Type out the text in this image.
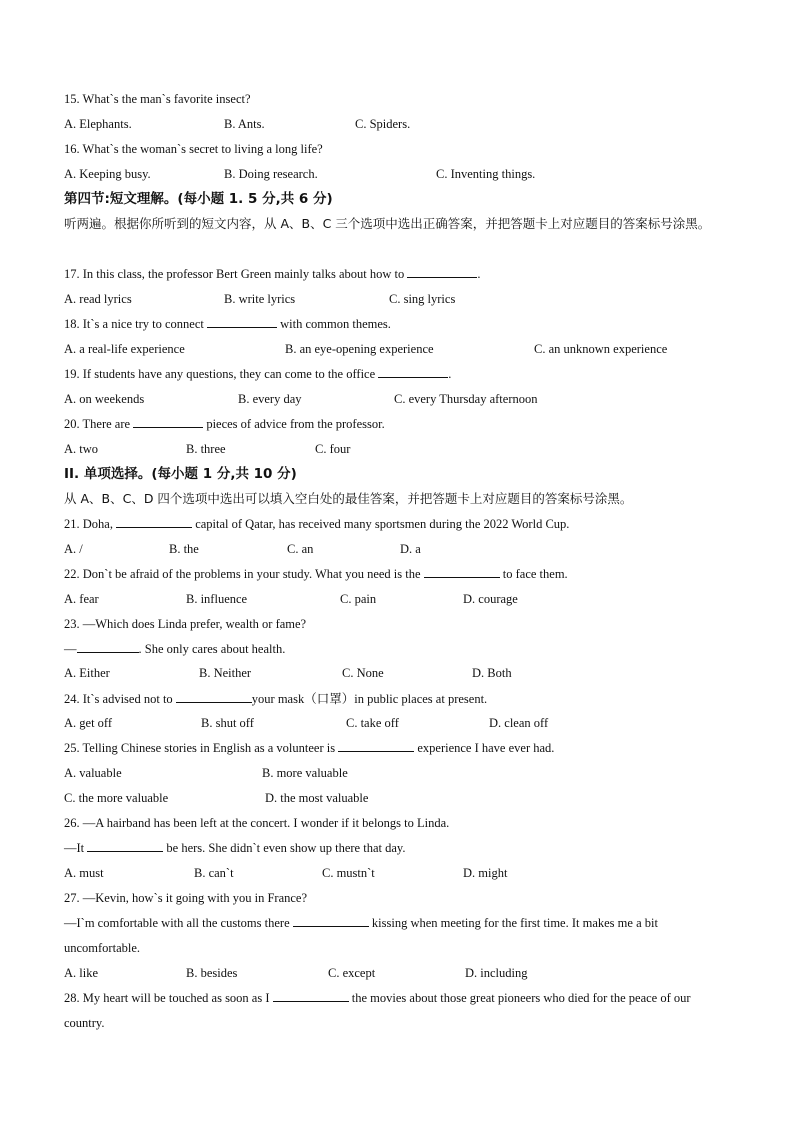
15. What`s the man`s favorite insect?
A. Elephants.	B. Ants.	C. Spiders.
16. What`s the woman`s secret to living a long life?
A. Keeping busy.	B. Doing research.	C. Inventing things.
第四节:短文理解。(每小题 1. 5 分,共 6 分)
听两遍。根据你所听到的短文内容，从 A、B、C 三个选项中选出正确答案，并把答题卡上对应题目的答案标号涂黑。
17. In this class, the professor Bert Green mainly talks about how to	.
A. read lyrics	B. write lyrics	C. sing lyrics
18. It`s a nice try to connect	with common themes.
A. a real-life experience	B. an eye-opening experience	C. an unknown experience
19. If students have any questions, they can come to the office	.
A. on weekends	B. every day	C. every Thursday afternoon
20. There are	pieces of advice from the professor.
A. two	B. three	C. four
II. 单项选择。(每小题 1 分,共 10 分)
从 A、B、C、D 四个选项中选出可以填入空白处的最佳答案，并把答题卡上对应题目的答案标号涂黑。
21. Doha,	capital of Qatar, has received many sportsmen during the 2022 World Cup.
A. /	B. the	C. an	D. a
22. Don`t be afraid of the problems in your study. What you need is the	to face them.
A. fear	B. influence	C. pain	D. courage
23. —Which does Linda prefer, wealth or fame?
—	. She only cares about health.
A. Either	B. Neither	C. None	D. Both
24. It`s advised not to	your mask（口罩）in public places at present.
A. get off	B. shut off	C. take off	D. clean off
25. Telling Chinese stories in English as a volunteer is	experience I have ever had.
A. valuable	B. more valuable
C. the more valuable	D. the most valuable
26. —A hairband has been left at the concert. I wonder if it belongs to Linda.
—It	be hers. She didn`t even show up there that day.
A. must	B. can`t	C. mustn`t	D. might
27. —Kevin, how`s it going with you in France?
—I`m comfortable with all the customs there	kissing when meeting for the first time. It makes me a bit uncomfortable.
A. like	B. besides	C. except	D. including
28. My heart will be touched as soon as I	the movies about those great pioneers who died for the peace of our country.
